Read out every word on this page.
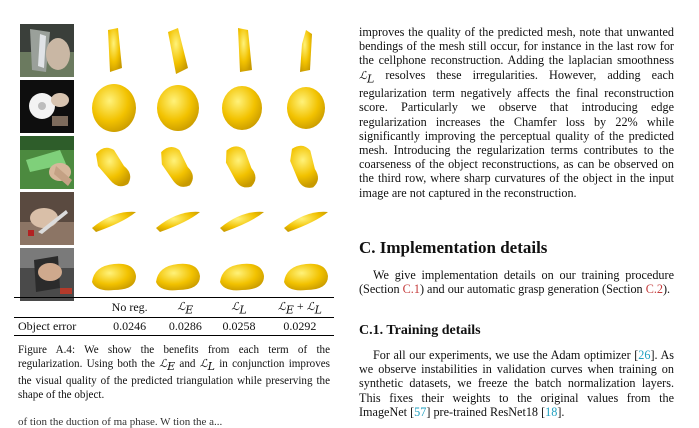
	No reg.	ℒ$_E$	ℒ$_L$	ℒ$_E$ + ℒ$_L$
Object error	0.0246	0.0286	0.0258	0.0292

Figure A.4: We show the benefits from each term of the regularization. Using both the ℒ$_E$ and ℒ$_L$ in conjunction improves the visual quality of the predicted triangulation while preserving the shape of the object.

of tion the duction of ma phase. W tion the a...

improves the quality of the predicted mesh, note that unwanted bendings of the mesh still occur, for instance in the last row for the cellphone reconstruction. Adding the laplacian smoothness ℒ$_L$ resolves these irregularities. However, adding each regularization term negatively affects the final reconstruction score. Particularly we observe that introducing edge regularization increases the Chamfer loss by 22% while significantly improving the perceptual quality of the predicted mesh. Introducing the regularization terms contributes to the coarseness of the object reconstructions, as can be observed on the third row, where sharp curvatures of the object in the input image are not captured in the reconstruction.

C. Implementation details

We give implementation details on our training procedure (Section C.1) and our automatic grasp generation (Section C.2).

C.1. Training details

For all our experiments, we use the Adam optimizer [26]. As we observe instabilities in validation curves when training on synthetic datasets, we freeze the batch normalization layers. This fixes their weights to the original values from the ImageNet [57] pre-trained ResNet18 [18].
